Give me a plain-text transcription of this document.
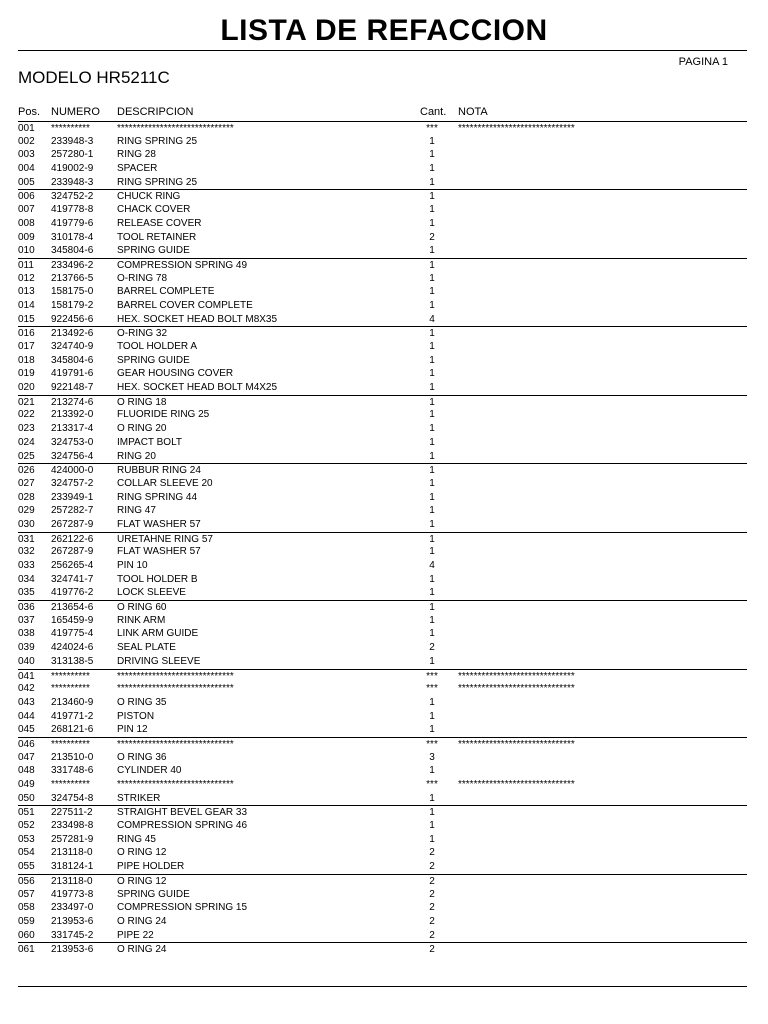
LISTA DE REFACCION
PAGINA 1
MODELO HR5211C
Pos. NUMERO DESCRIPCION	Cant. NOTA
001 **********	******************************	***	******************************
002 233948-3 RING SPRING 25	1
003 257280-1 RING 28	1
004 419002-9 SPACER	1
005 233948-3 RING SPRING 25	1
006 324752-2 CHUCK RING	1
007 419778-8 CHACK COVER	1
008 419779-6 RELEASE COVER	1
009 310178-4 TOOL RETAINER	2
010 345804-6 SPRING GUIDE	1
011 233496-2 COMPRESSION SPRING 49	1
012 213766-5 O-RING 78	1
013 158175-0 BARREL COMPLETE	1
014 158179-2 BARREL COVER COMPLETE	1
015 922456-6 HEX. SOCKET HEAD BOLT M8X35	4
016 213492-6 O-RING 32	1
017 324740-9 TOOL HOLDER A	1
018 345804-6 SPRING GUIDE	1
019 419791-6 GEAR HOUSING COVER	1
020 922148-7 HEX. SOCKET HEAD BOLT M4X25	1
021 213274-6 O RING 18	1
022 213392-0 FLUORIDE RING 25	1
023 213317-4 O RING 20	1
024 324753-0 IMPACT BOLT	1
025 324756-4 RING 20	1
026 424000-0 RUBBUR RING 24	1
027 324757-2 COLLAR SLEEVE 20	1
028 233949-1 RING SPRING 44	1
029 257282-7 RING 47	1
030 267287-9 FLAT WASHER 57	1
031 262122-6 URETAHNE RING 57	1
032 267287-9 FLAT WASHER 57	1
033 256265-4 PIN 10	4
034 324741-7 TOOL HOLDER B	1
035 419776-2 LOCK SLEEVE	1
036 213654-6 O RING 60	1
037 165459-9 RINK ARM	1
038 419775-4 LINK ARM GUIDE	1
039 424024-6 SEAL PLATE	2
040 313138-5 DRIVING SLEEVE	1
041 **********	******************************	***	******************************
042 **********	******************************	***	******************************
043 213460-9 O RING 35	1
044 419771-2 PISTON	1
045 268121-6 PIN 12	1
046 **********	******************************	***	******************************
047 213510-0 O RING 36	3
048 331748-6 CYLINDER 40	1
049 **********	******************************	***	******************************
050 324754-8 STRIKER	1
051 227511-2 STRAIGHT BEVEL GEAR 33	1
052 233498-8 COMPRESSION SPRING 46	1
053 257281-9 RING 45	1
054 213118-0 O RING 12	2
055 318124-1 PIPE HOLDER	2
056 213118-0 O RING 12	2
057 419773-8 SPRING GUIDE	2
058 233497-0 COMPRESSION SPRING 15	2
059 213953-6 O RING 24	2
060 331745-2 PIPE 22	2
061 213953-6 O RING 24	2
